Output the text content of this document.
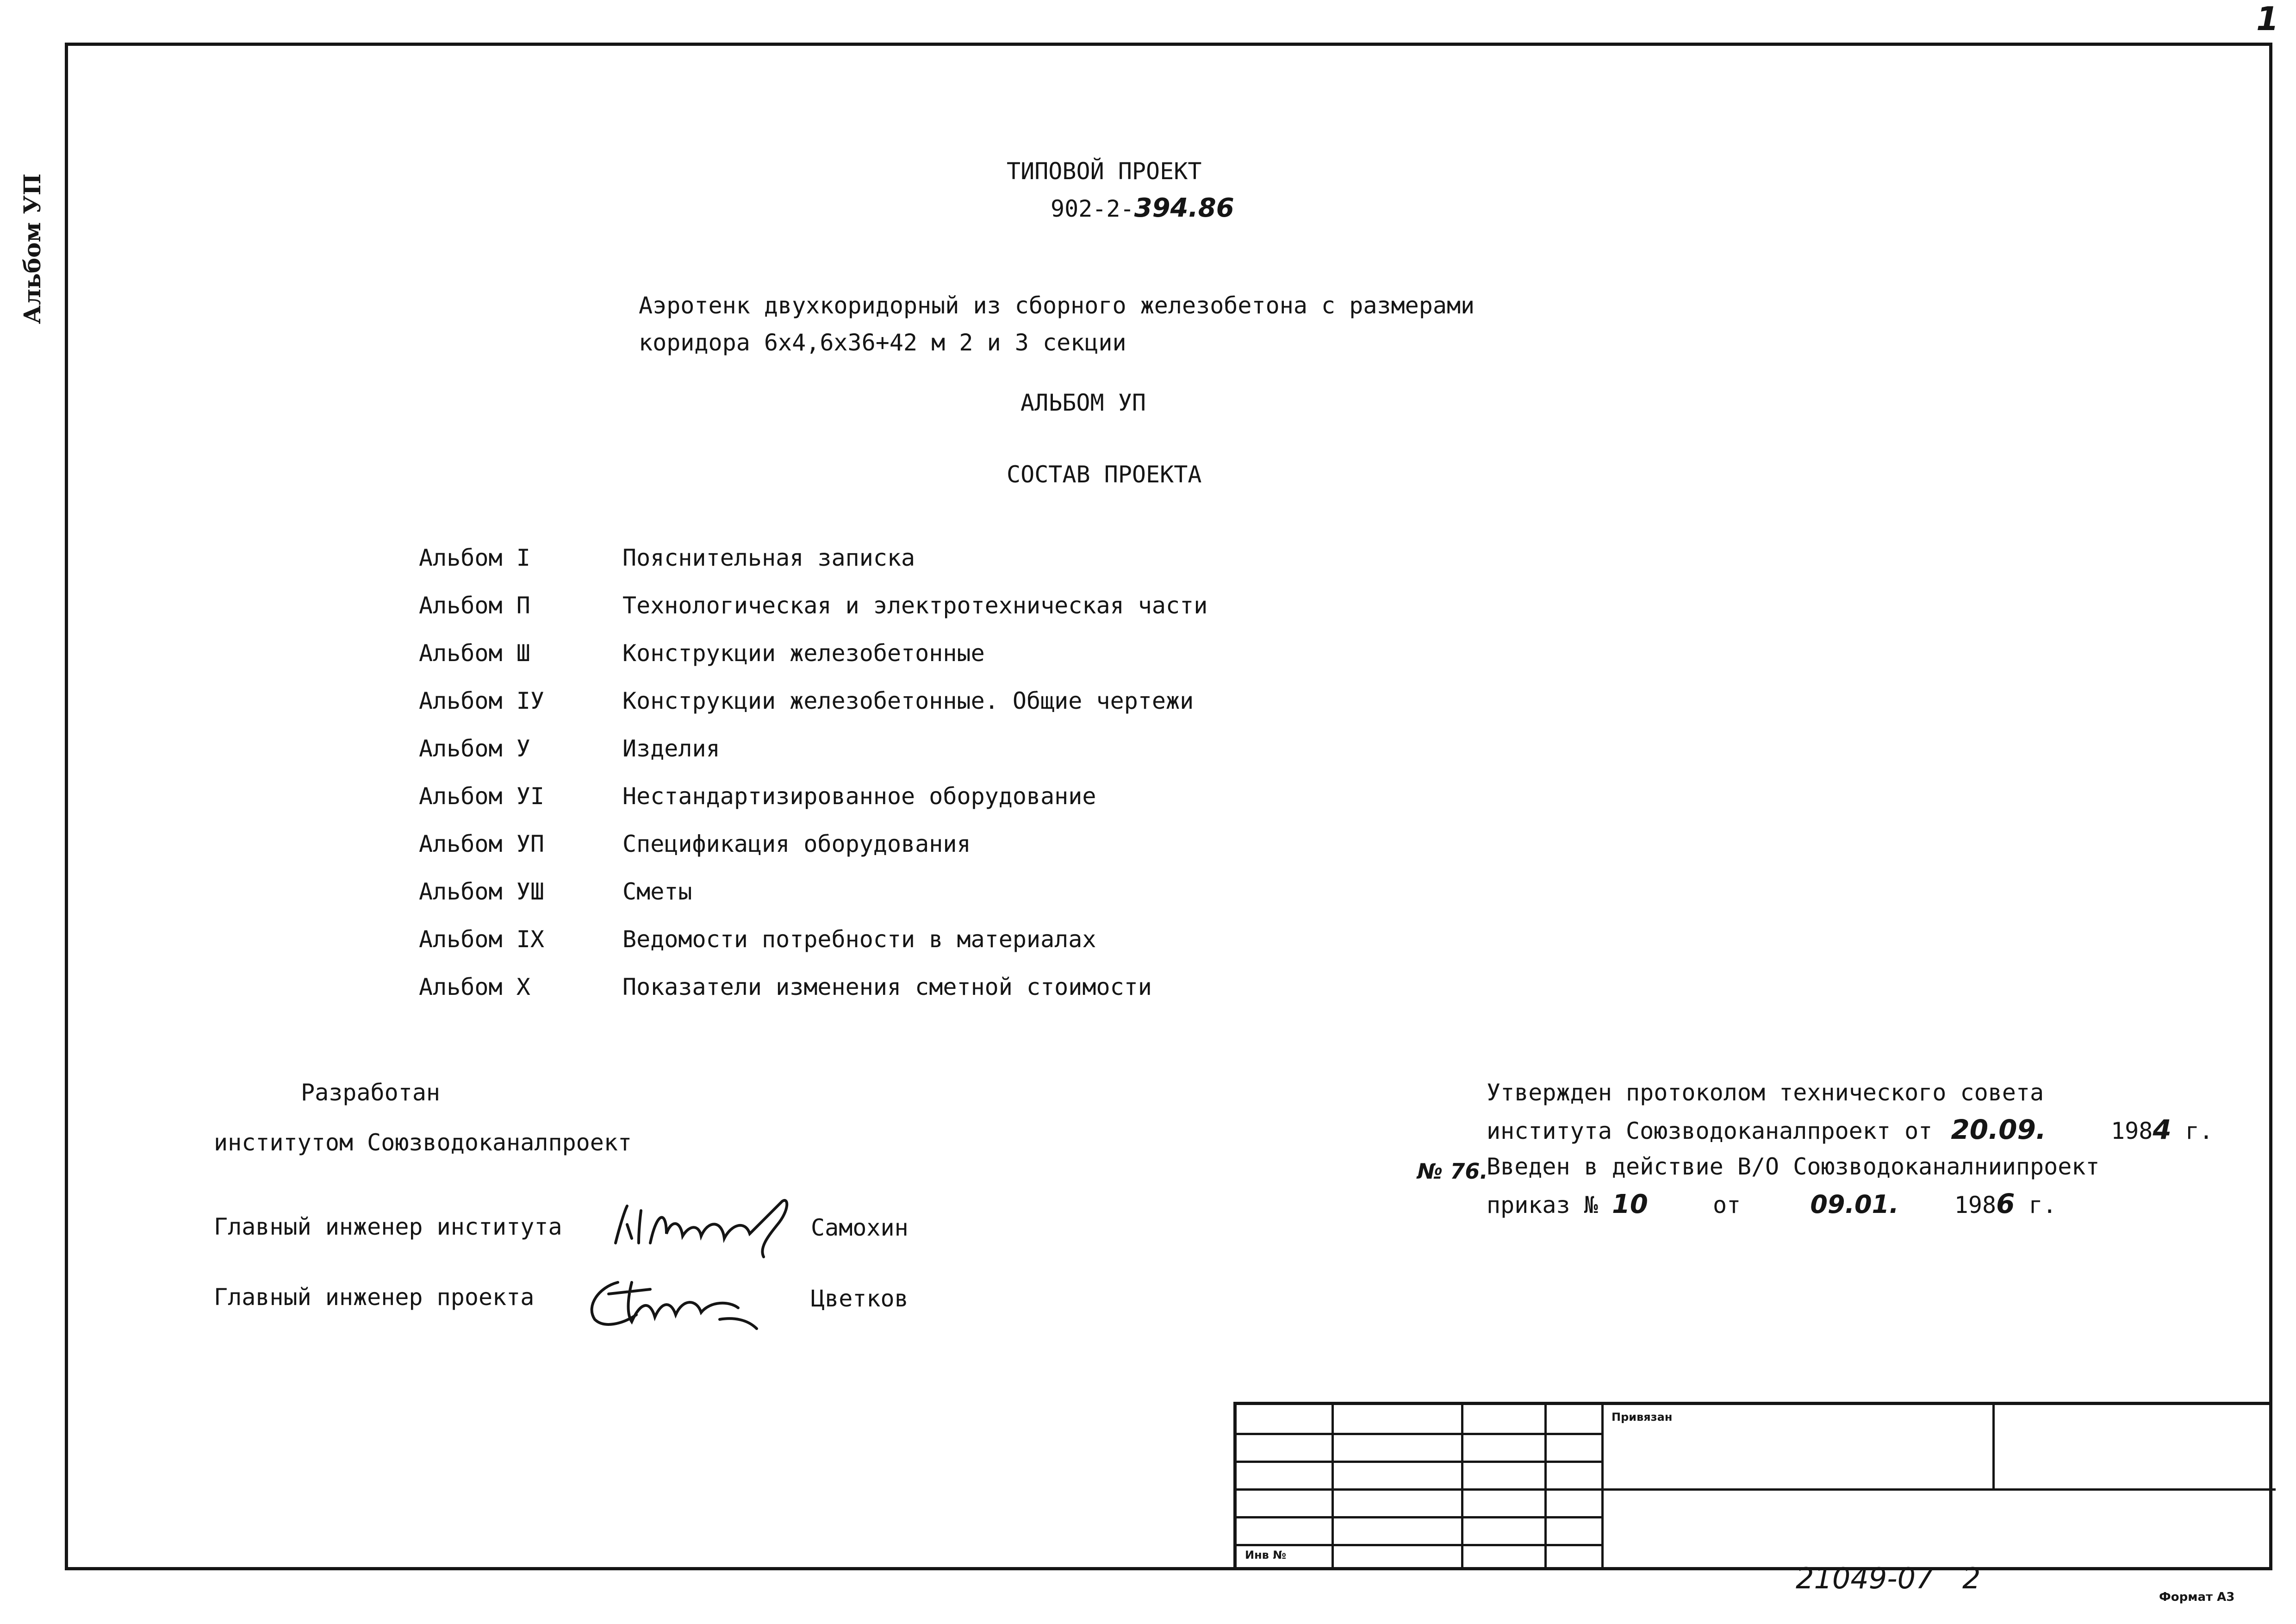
1
Альбом УП
ТИПОВОЙ ПРОЕКТ
902-2-394.86
Аэротенк двухкоридорный из сборного железобетона с размерами
коридора 6х4,6х36+42 м 2 и 3 секции
АЛЬБОМ УП
СОСТАВ ПРОЕКТА
Альбом I	Пояснительная записка
Альбом П	Технологическая и электротехническая части
Альбом Ш	Конструкции железобетонные
Альбом IУ	Конструкции железобетонные. Общие чертежи
Альбом У	Изделия
Альбом УI	Нестандартизированное оборудование
Альбом УП	Спецификация оборудования
Альбом УШ	Сметы
Альбом IX	Ведомости потребности в материалах
Альбом X	Показатели изменения сметной стоимости
Разработан
институтом Союзводоканалпроект
Главный инженер института	Самохин
Главный инженер проекта	Цветков
Утвержден протоколом технического совета
института Союзводоканалпроект от 20.09.	1984 г.
№ 76.
Введен в действие В/О Союзводоканалниипроект
приказ № 10	от	09.01. 1986 г.
Привязан
Инв №
21049-07 2
Формат А3
